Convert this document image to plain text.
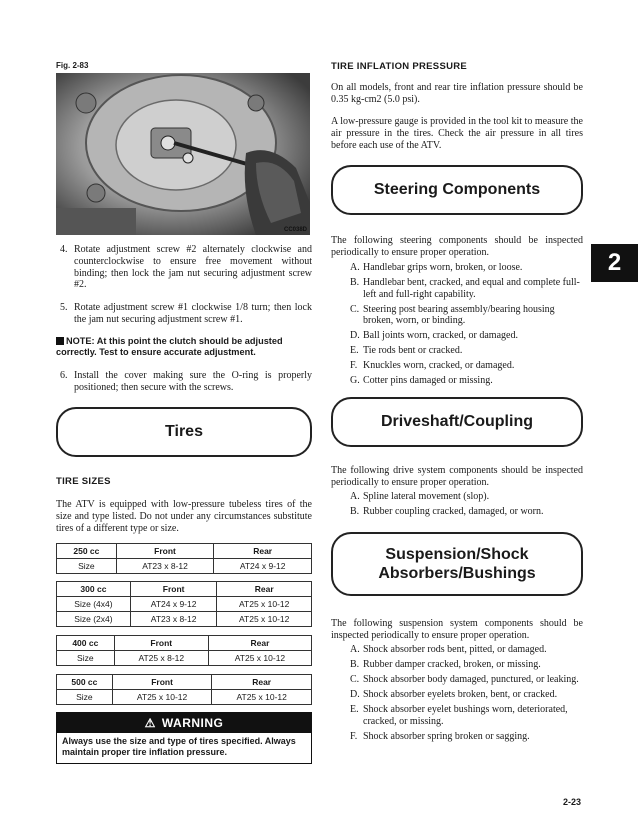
Fig. 2-83
CC038D
4. Rotate adjustment screw #2 alternately clockwise and counterclockwise to ensure free movement without binding; then lock the jam nut securing adjustment screw #2.
5. Rotate adjustment screw #1 clockwise 1/8 turn; then lock the jam nut securing adjustment screw #1.
NOTE: At this point the clutch should be adjusted correctly. Test to ensure accurate adjustment.
6. Install the cover making sure the O-ring is properly positioned; then secure with the screws.
Tires
TIRE SIZES
The ATV is equipped with low-pressure tubeless tires of the size and type listed. Do not under any circumstances substitute tires of a different type or size.
250 cc	Front	Rear
Size	AT23 x 8-12	AT24 x 9-12
300 cc	Front	Rear
Size (4x4)	AT24 x 9-12	AT25 x 10-12
Size (2x4)	AT23 x 8-12	AT25 x 10-12
400 cc	Front	Rear
Size	AT25 x 8-12	AT25 x 10-12
500 cc	Front	Rear
Size	AT25 x 10-12	AT25 x 10-12
⚠ WARNING
Always use the size and type of tires specified. Always maintain proper tire inflation pressure.
TIRE INFLATION PRESSURE
On all models, front and rear tire inflation pressure should be 0.35 kg-cm2 (5.0 psi).
A low-pressure gauge is provided in the tool kit to measure the air pressure in the tires. Check the air pressure in all tires before each use of the ATV.
Steering Components
The following steering components should be inspected periodically to ensure proper operation.
A. Handlebar grips worn, broken, or loose.
B. Handlebar bent, cracked, and equal and complete full-left and full-right capability.
C. Steering post bearing assembly/bearing housing broken, worn, or binding.
D. Ball joints worn, cracked, or damaged.
E. Tie rods bent or cracked.
F. Knuckles worn, cracked, or damaged.
G. Cotter pins damaged or missing.
Driveshaft/Coupling
The following drive system components should be inspected periodically to ensure proper operation.
A. Spline lateral movement (slop).
B. Rubber coupling cracked, damaged, or worn.
Suspension/Shock
Absorbers/Bushings
The following suspension system components should be inspected periodically to ensure proper operation.
A. Shock absorber rods bent, pitted, or damaged.
B. Rubber damper cracked, broken, or missing.
C. Shock absorber body damaged, punctured, or leaking.
D. Shock absorber eyelets broken, bent, or cracked.
E. Shock absorber eyelet bushings worn, deteriorated, cracked, or missing.
F. Shock absorber spring broken or sagging.
2
2-23
